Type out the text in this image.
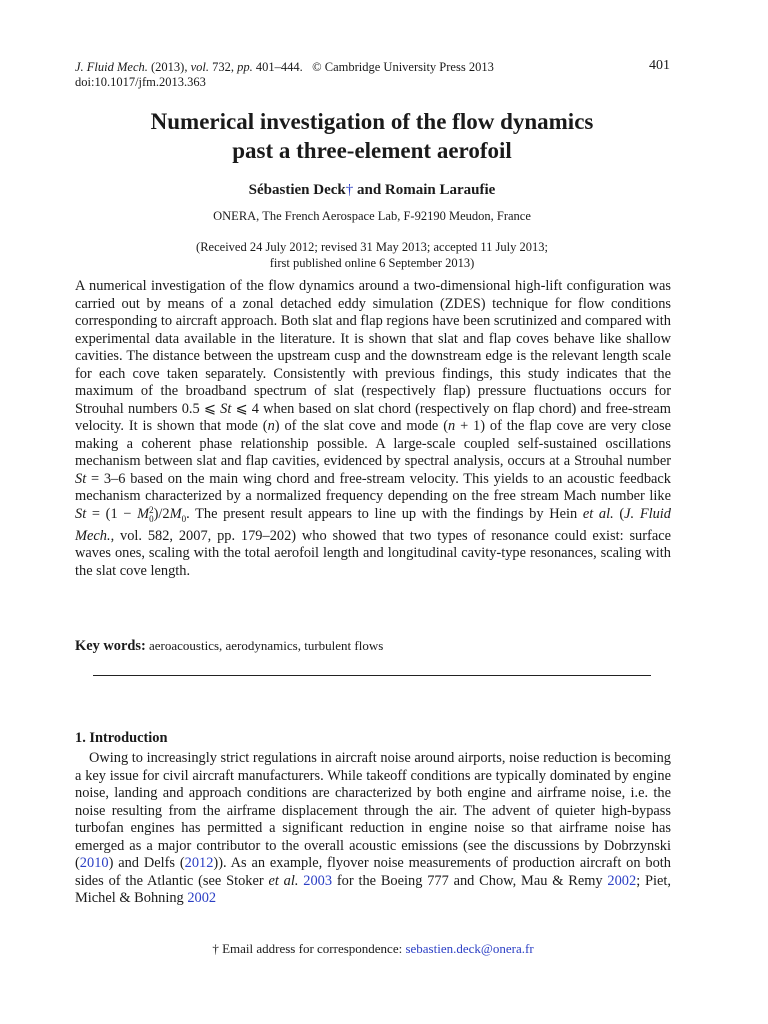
J. Fluid Mech. (2013), vol. 732, pp. 401–444. © Cambridge University Press 2013
doi:10.1017/jfm.2013.363
401
Numerical investigation of the flow dynamics
past a three-element aerofoil
Sébastien Deck† and Romain Laraufie
ONERA, The French Aerospace Lab, F-92190 Meudon, France
(Received 24 July 2012; revised 31 May 2013; accepted 11 July 2013;
first published online 6 September 2013)

A numerical investigation of the flow dynamics around a two-dimensional high-lift configuration was carried out by means of a zonal detached eddy simulation (ZDES) technique for flow conditions corresponding to aircraft approach. Both slat and flap regions have been scrutinized and compared with experimental data available in the literature. It is shown that slat and flap coves behave like shallow cavities. The distance between the upstream cusp and the downstream edge is the relevant length scale for each cove taken separately. Consistently with previous findings, this study indicates that the maximum of the broadband spectrum of slat (respectively flap) pressure fluctuations occurs for Strouhal numbers 0.5 ⩽ St ⩽ 4 when based on slat chord (respectively on flap chord) and free-stream velocity. It is shown that mode (n) of the slat cove and mode (n + 1) of the flap cove are very close making a coherent phase relationship possible. A large-scale coupled self-sustained oscillations mechanism between slat and flap cavities, evidenced by spectral analysis, occurs at a Strouhal number St = 3–6 based on the main wing chord and free-stream velocity. This yields to an acoustic feedback mechanism characterized by a normalized frequency depending on the free stream Mach number like St = (1 − M 2
0 )$/2M_0$. The present result appears to line up with the findings by Hein et al. (J. Fluid Mech., vol. 582, 2007, pp. 179–202) who showed that two types of resonance could exist: surface waves ones, scaling with the total aerofoil length and longitudinal cavity-type resonances, scaling with the slat cove length.

Key words: aeroacoustics, aerodynamics, turbulent flows
1. Introduction
Owing to increasingly strict regulations in aircraft noise around airports, noise reduction is becoming a key issue for civil aircraft manufacturers. While takeoff conditions are typically dominated by engine noise, landing and approach conditions are characterized by both engine and airframe noise, i.e. the noise resulting from the airframe displacement through the air. The advent of quieter high-bypass turbofan engines has permitted a significant reduction in engine noise so that airframe noise has emerged as a major contributor to the overall acoustic emissions (see the discussions by Dobrzynski (2010) and Delfs (2012)). As an example, flyover noise measurements of production aircraft on both sides of the Atlantic (see Stoker et al. 2003 for the Boeing 777 and Chow, Mau & Remy 2002; Piet, Michel & Bohning 2002
† Email address for correspondence: sebastien.deck@onera.fr
